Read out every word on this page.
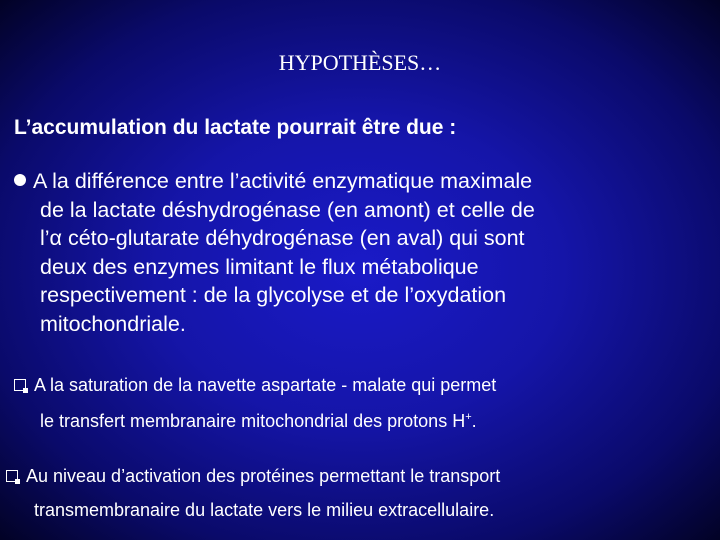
HYPOTHÈSES…
L’accumulation du lactate pourrait être due :
A la différence entre l’activité enzymatique maximale
de la lactate déshydrogénase (en amont) et celle de
l’α céto-glutarate déhydrogénase (en aval) qui sont
deux des enzymes limitant le flux métabolique
respectivement : de la glycolyse et de l’oxydation
mitochondriale.
A la saturation de la navette aspartate - malate qui permet
le transfert membranaire mitochondrial des protons H+.
Au niveau d’activation des protéines permettant le transport
transmembranaire du lactate vers le milieu extracellulaire.
